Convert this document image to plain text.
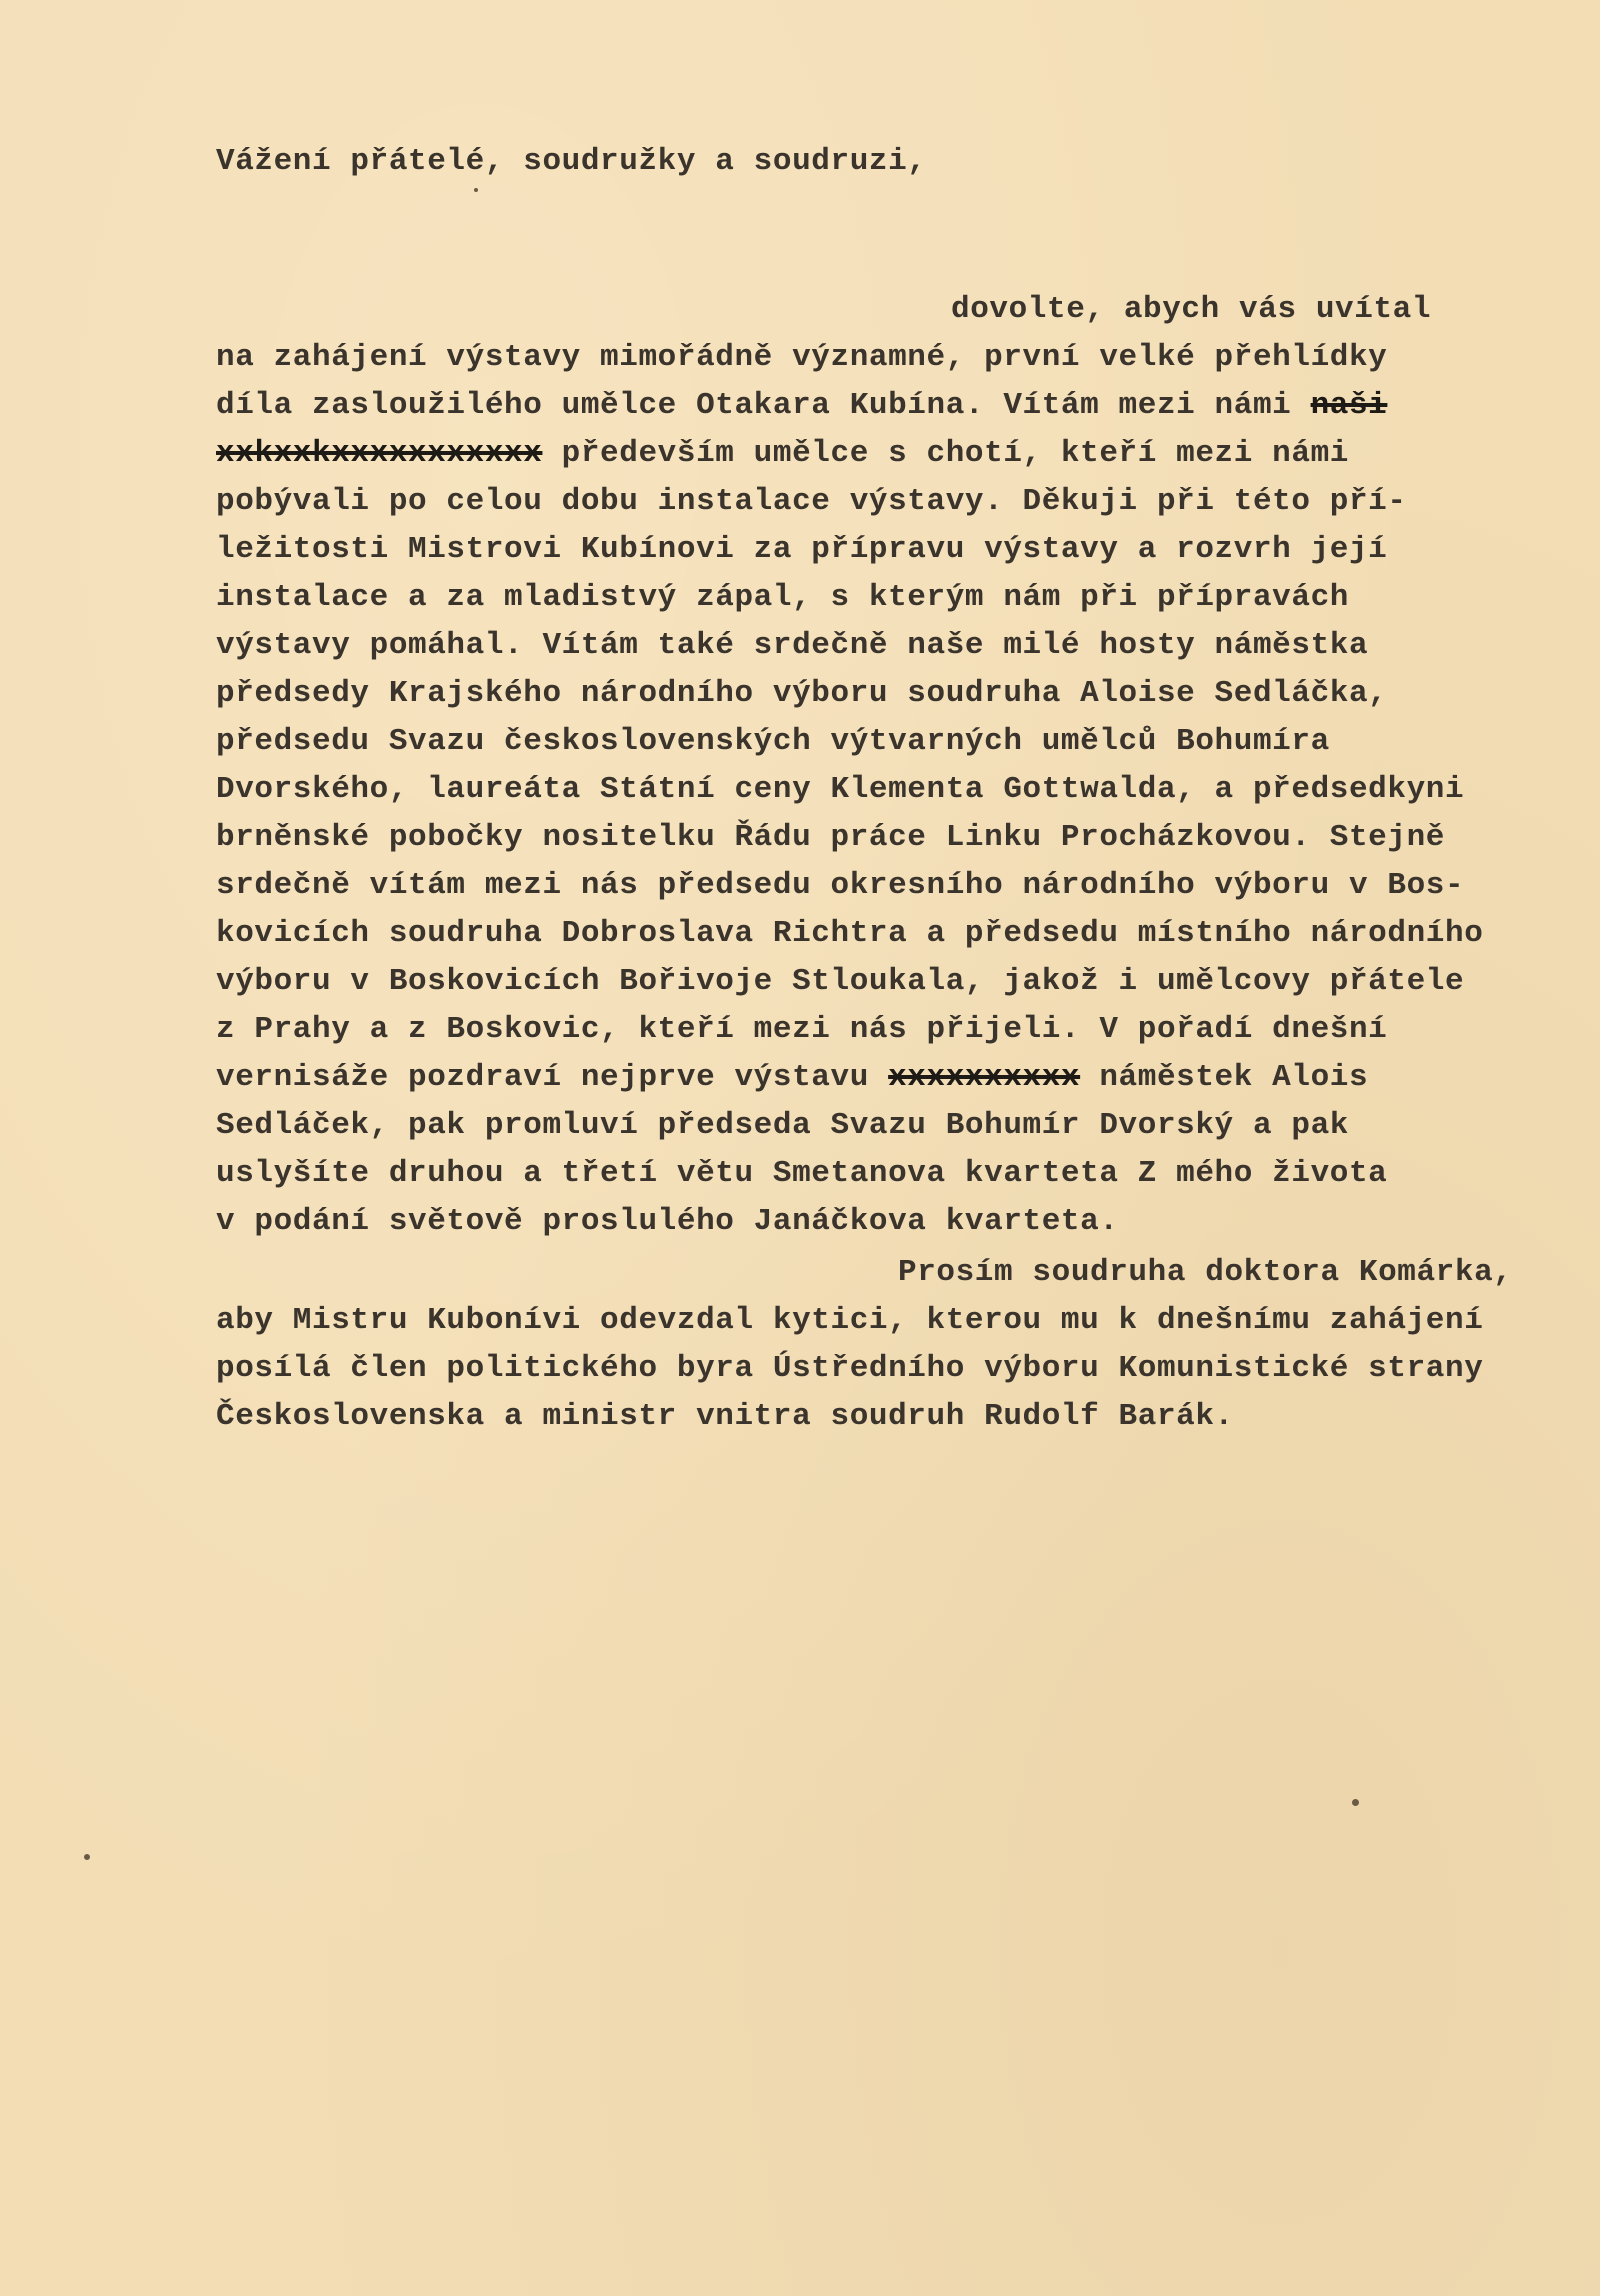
Vážení přátelé, soudružky a soudruzi,
dovolte, abych vás uvítal
na zahájení výstavy mimořádně významné, první velké přehlídky
díla zasloužilého umělce Otakara Kubína. Vítám mezi námi naši
xxkxxkxxxxxxxxxxx především umělce s chotí, kteří mezi námi
pobývali po celou dobu instalace výstavy. Děkuji při této pří-
ležitosti Mistrovi Kubínovi za přípravu výstavy a rozvrh její
instalace a za mladistvý zápal, s kterým nám při přípravách
výstavy pomáhal. Vítám také srdečně naše milé hosty náměstka
předsedy Krajského národního výboru soudruha Aloise Sedláčka,
předsedu Svazu československých výtvarných umělců Bohumíra
Dvorského, laureáta Státní ceny Klementa Gottwalda, a předsedkyni
brněnské pobočky nositelku Řádu práce Linku Procházkovou. Stejně
srdečně vítám mezi nás předsedu okresního národního výboru v Bos-
kovicích soudruha Dobroslava Richtra a předsedu místního národního
výboru v Boskovicích Bořivoje Stloukala, jakož i umělcovy přátele
z Prahy a z Boskovic, kteří mezi nás přijeli. V pořadí dnešní
vernisáže pozdraví nejprve výstavu xxxxxxxxxx náměstek Alois
Sedláček, pak promluví předseda Svazu Bohumír Dvorský a pak
uslyšíte druhou a třetí větu Smetanova kvarteta Z mého života
v podání světově proslulého Janáčkova kvarteta.
Prosím soudruha doktora Komárka,
aby Mistru Kubonívi odevzdal kytici, kterou mu k dnešnímu zahájení
posílá člen politického byra Ústředního výboru Komunistické strany
Československa a ministr vnitra soudruh Rudolf Barák.
